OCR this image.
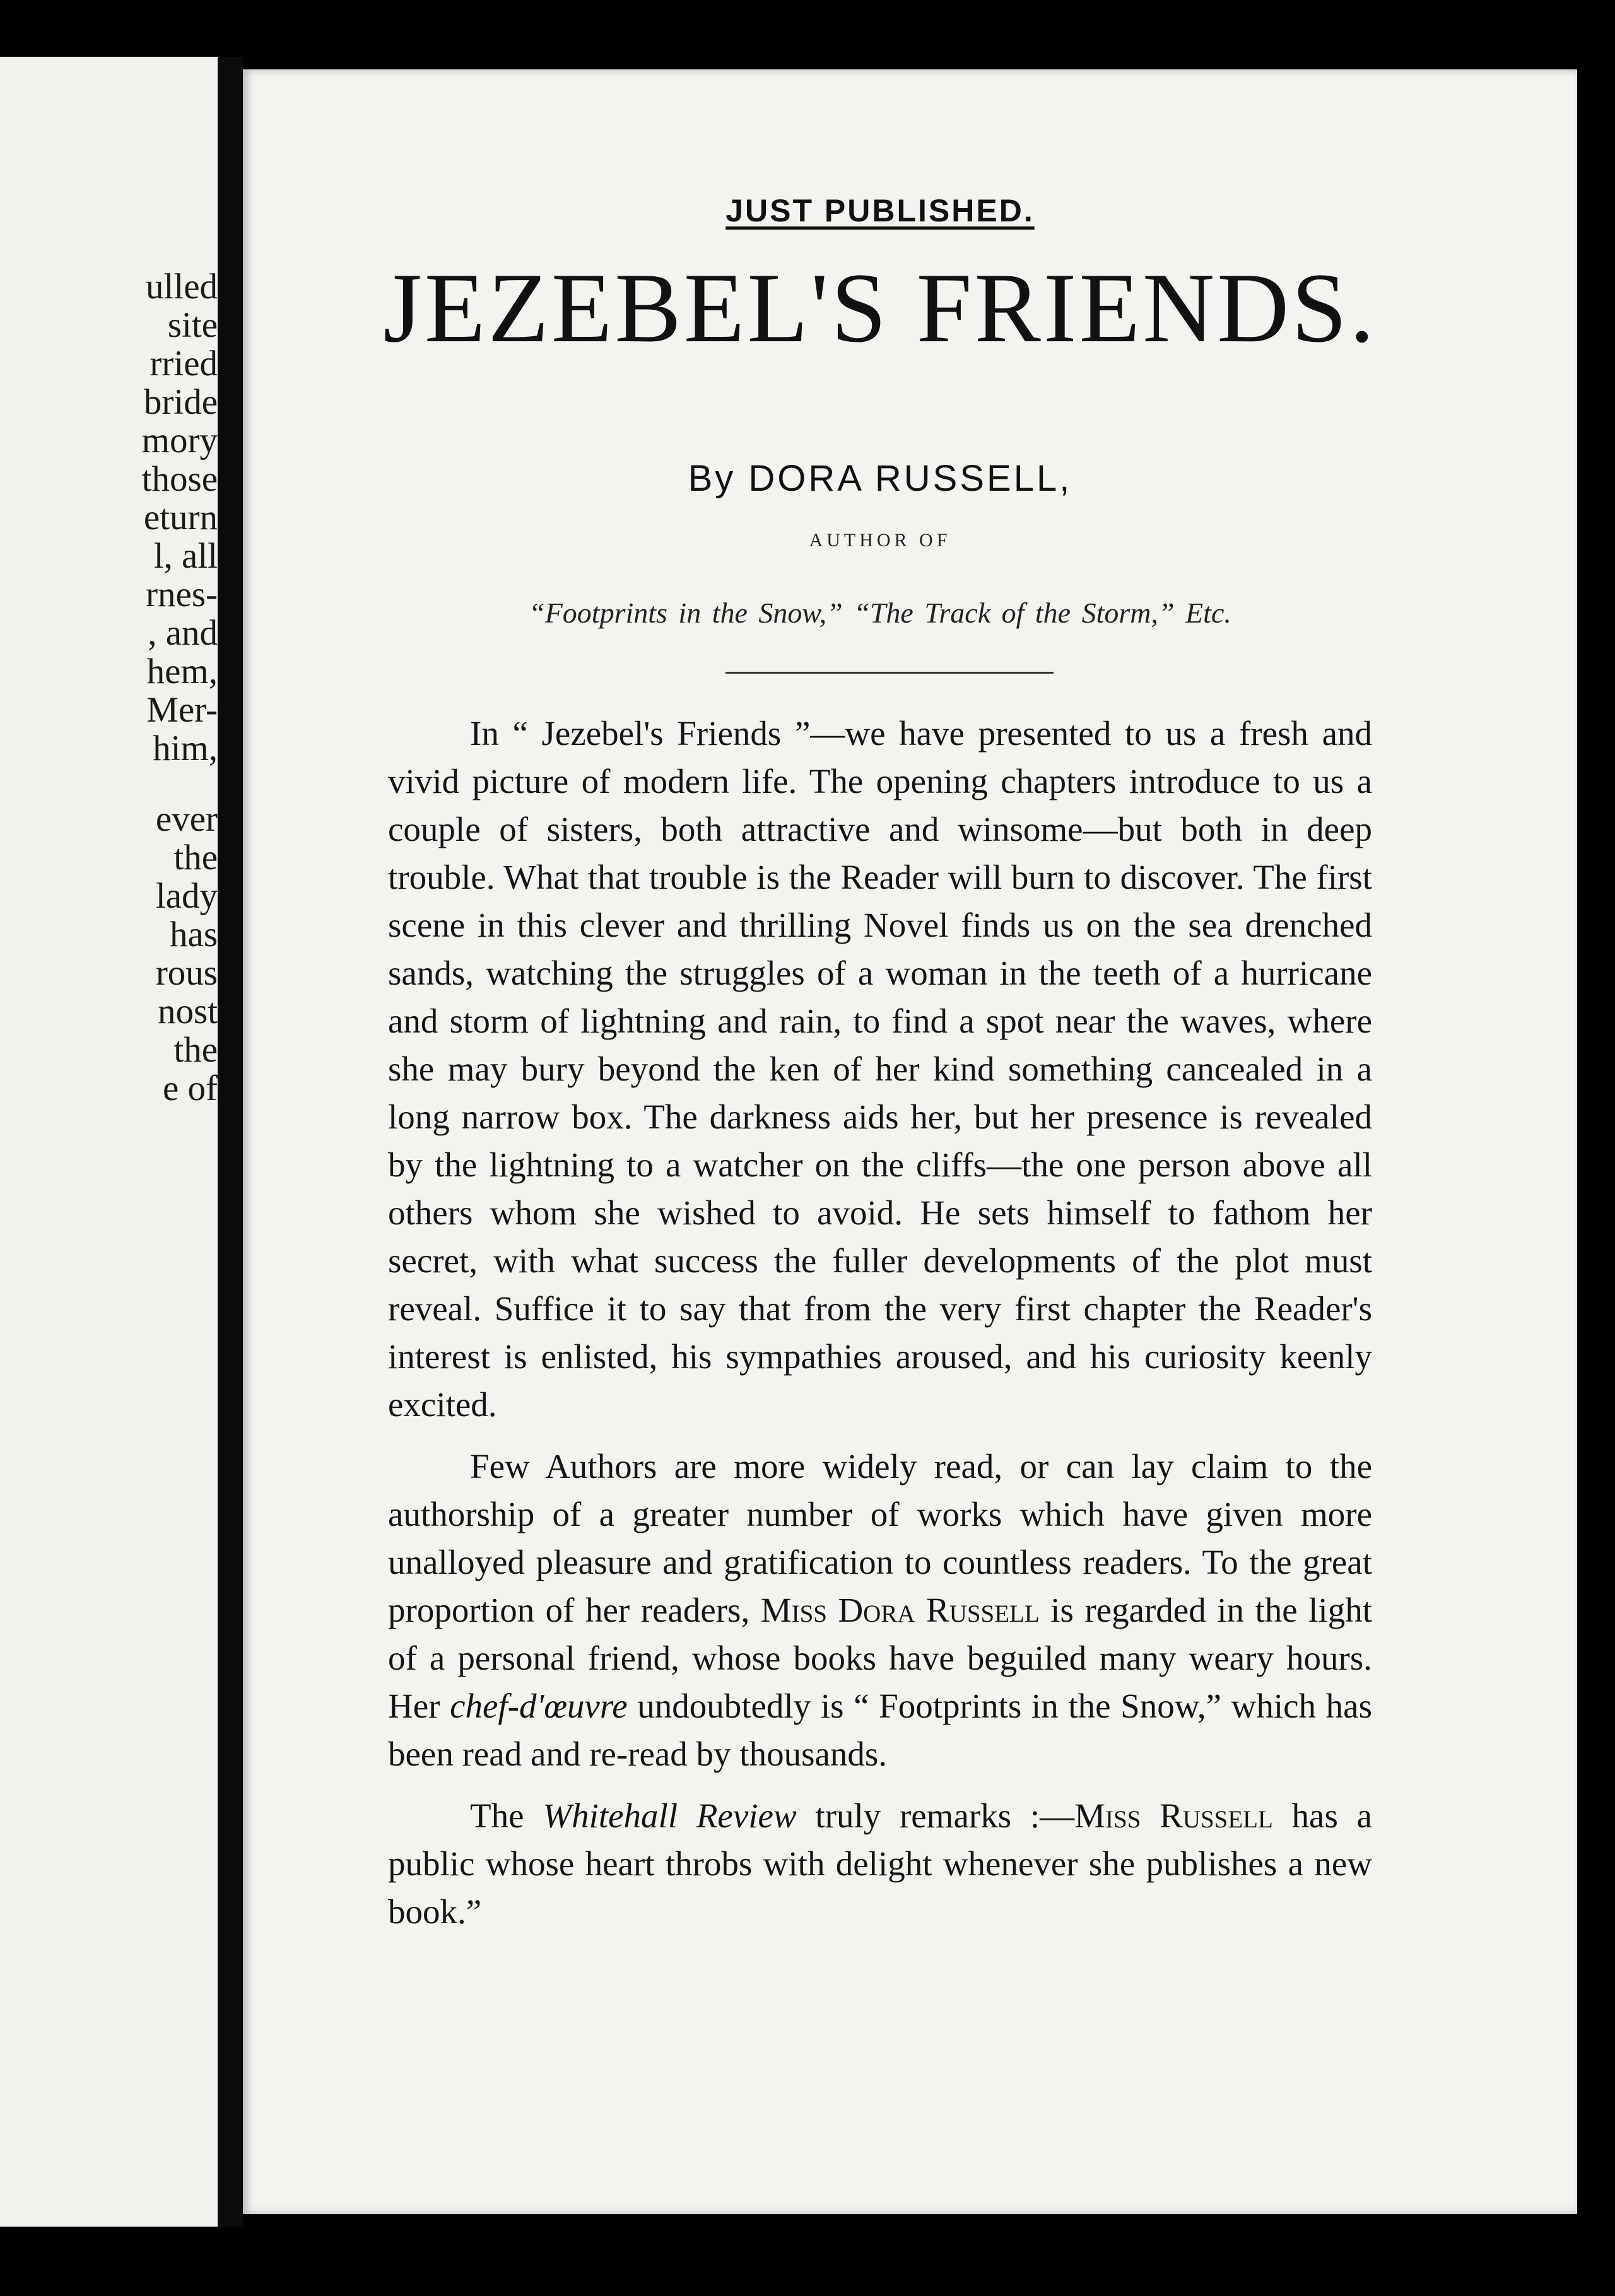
ulled
site
rried
bride
mory
those
eturn
l, all
rnes-
, and
hem,
Mer-
him,
ever
the
lady
has
rous
nost
the
e of
JUST PUBLISHED.
JEZEBEL'S FRIENDS.
By DORA RUSSELL,
AUTHOR OF
“Footprints in the Snow,” “The Track of the Storm,” Etc.

In “ Jezebel's Friends ”—we have presented to us a fresh and vivid picture of modern life. The opening chapters introduce to us a couple of sisters, both attractive and winsome—but both in deep trouble. What that trouble is the Reader will burn to discover. The first scene in this clever and thrilling Novel finds us on the sea drenched sands, watching the struggles of a woman in the teeth of a hurricane and storm of lightning and rain, to find a spot near the waves, where she may bury beyond the ken of her kind something cancealed in a long narrow box. The darkness aids her, but her presence is revealed by the lightning to a watcher on the cliffs—the one person above all others whom she wished to avoid. He sets himself to fathom her secret, with what success the fuller developments of the plot must reveal. Suffice it to say that from the very first chapter the Reader's interest is enlisted, his sympathies aroused, and his curiosity keenly excited.

Few Authors are more widely read, or can lay claim to the authorship of a greater number of works which have given more unalloyed pleasure and gratification to countless readers. To the great proportion of her readers, Miss Dora Russell is regarded in the light of a personal friend, whose books have beguiled many weary hours. Her chef-d'œuvre undoubtedly is “ Footprints in the Snow,” which has been read and re-read by thousands.

The Whitehall Review truly remarks :—Miss Russell has a public whose heart throbs with delight whenever she publishes a new book.”
